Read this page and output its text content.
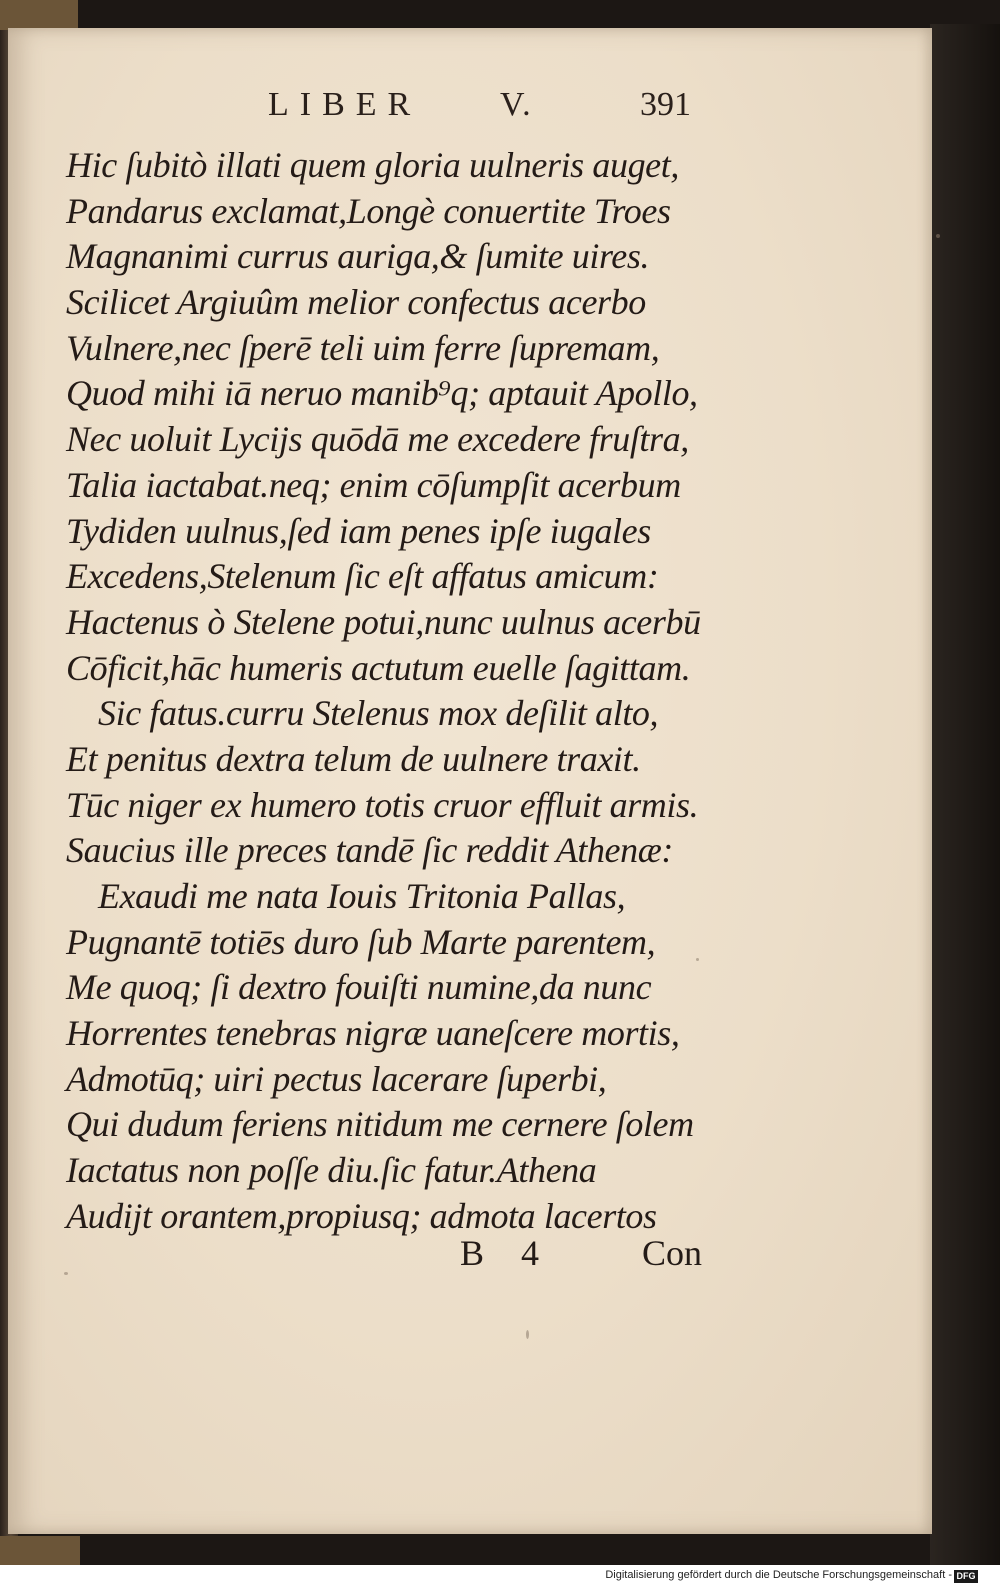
LIBER V.	391
Hic ſubitò illati quem gloria uulneris auget,
Pandarus exclamat,Longè conuertite Troes
Magnanimi currus auriga,& ſumite uires.
Scilicet Argiuûm melior confectus acerbo
Vulnere,nec ſperē teli uim ferre ſupremam,
Quod mihi iā neruo manib⁹q; aptauit Apollo,
Nec uoluit Lycijs quōdā me excedere fruſtra,
Talia iactabat.neq; enim cōſumpſit acerbum
Tydiden uulnus,ſed iam penes ipſe iugales
Excedens,Stelenum ſic eſt affatus amicum:
Hactenus ò Stelene potui,nunc uulnus acerbū
Cōficit,hāc humeris actutum euelle ſagittam.
Sic fatus.curru Stelenus mox deſilit alto,
Et penitus dextra telum de uulnere traxit.
Tūc niger ex humero totis cruor effluit armis.
Saucius ille preces tandē ſic reddit Athenæ:
Exaudi me nata Iouis Tritonia Pallas,
Pugnantē totiēs duro ſub Marte parentem,
Me quoq; ſi dextro fouiſti numine,da nunc
Horrentes tenebras nigræ uaneſcere mortis,
Admotūq; uiri pectus lacerare ſuperbi,
Qui dudum feriens nitidum me cernere ſolem
Iactatus non poſſe diu.ſic fatur.Athena
Audijt orantem,propiusq; admota lacertos
B 4 Con
Digitalisierung gefördert durch die Deutsche Forschungsgemeinschaft - DFG
